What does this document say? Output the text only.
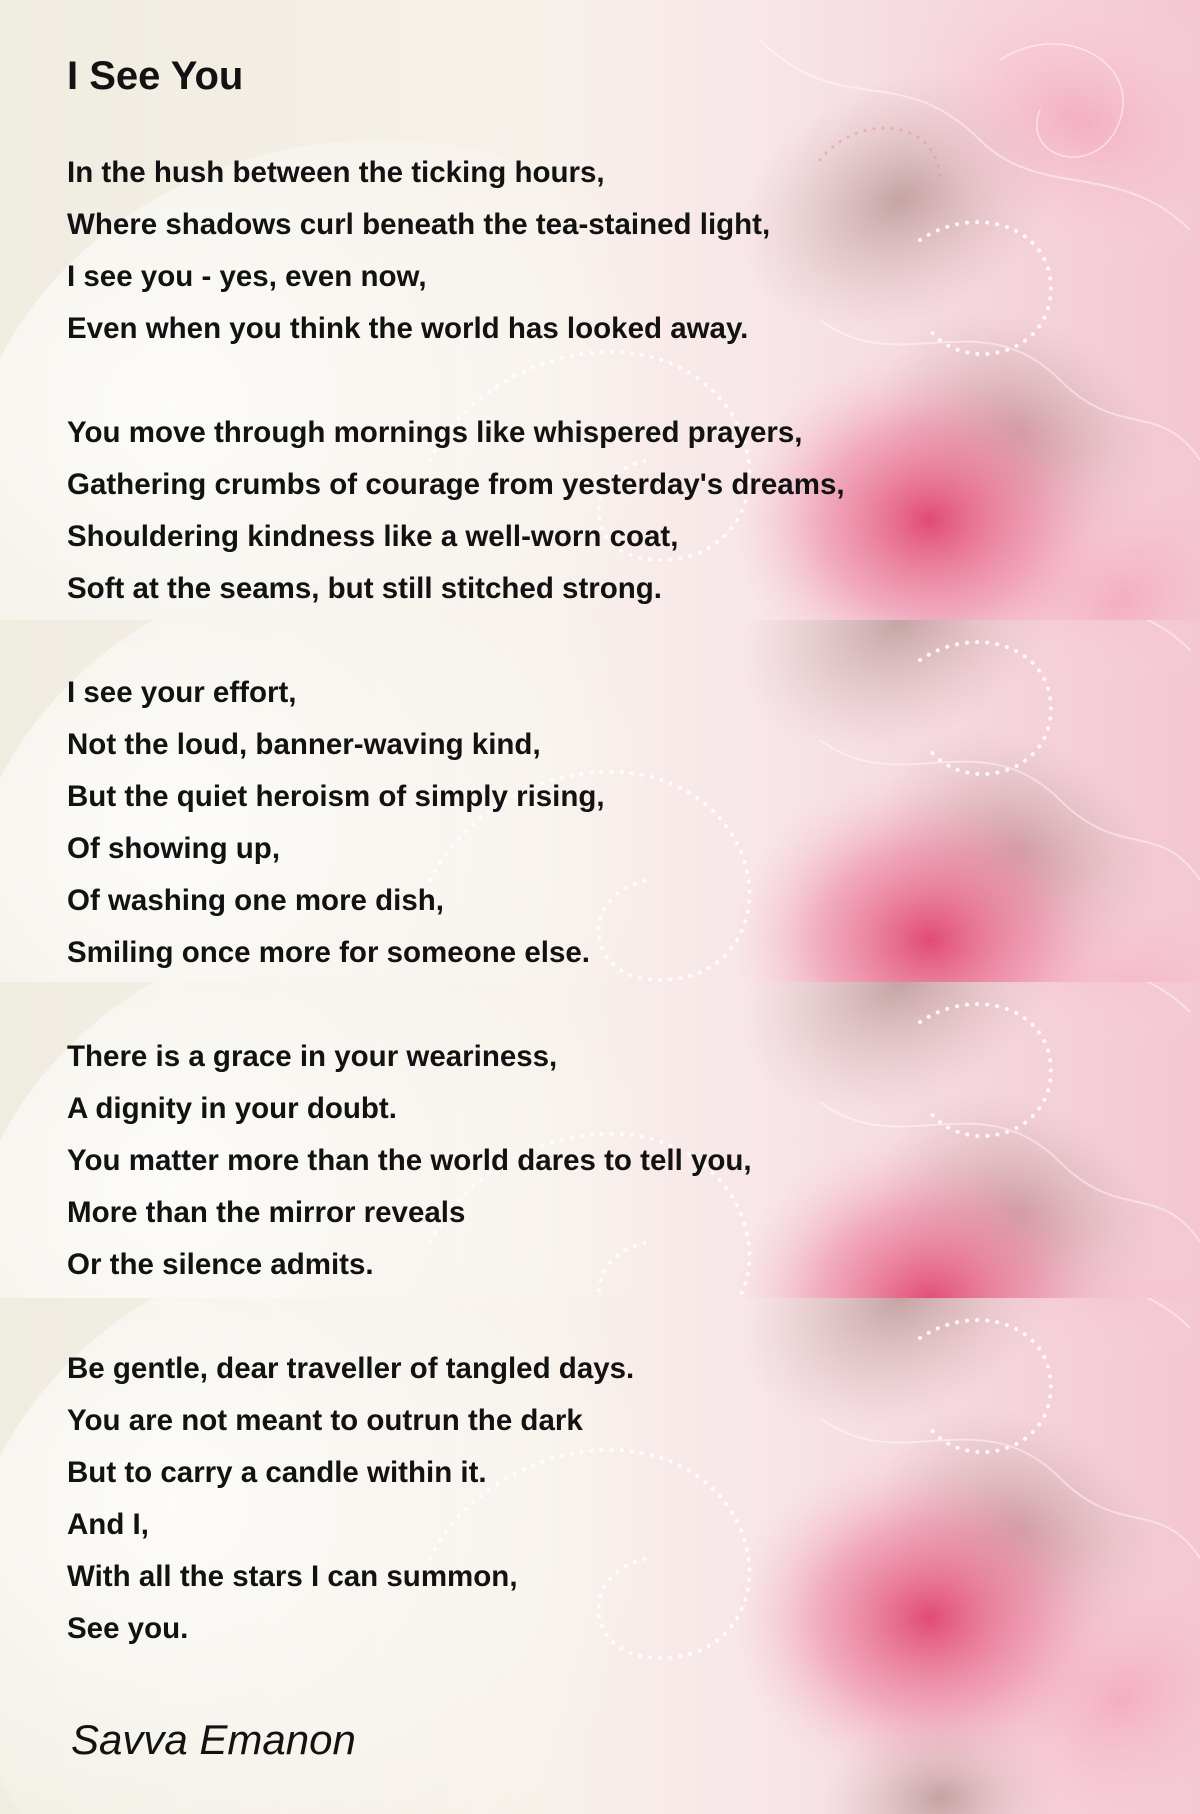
I See You

In the hush between the ticking hours,

Where shadows curl beneath the tea-stained light,

I see you - yes, even now,

Even when you think the world has looked away.

You move through mornings like whispered prayers,

Gathering crumbs of courage from yesterday's dreams,

Shouldering kindness like a well-worn coat,

Soft at the seams, but still stitched strong.

I see your effort,

Not the loud, banner-waving kind,

But the quiet heroism of simply rising,

Of showing up,

Of washing one more dish,

Smiling once more for someone else.

There is a grace in your weariness,

A dignity in your doubt.

You matter more than the world dares to tell you,

More than the mirror reveals

Or the silence admits.

Be gentle, dear traveller of tangled days.

You are not meant to outrun the dark

But to carry a candle within it.

And I,

With all the stars I can summon,

See you.

Savva Emanon
